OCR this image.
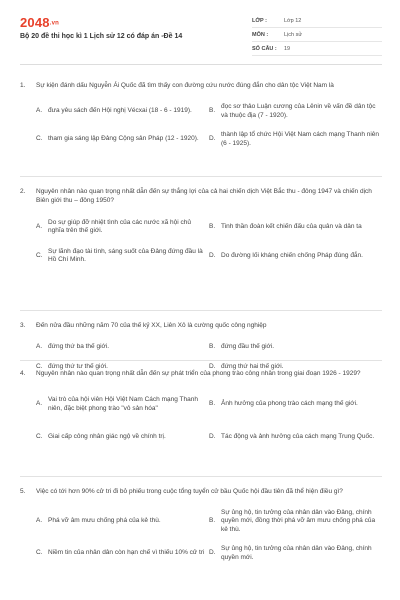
2048.vn
Bộ 20 đề thi học kì 1 Lịch sử 12 có đáp án -Đề 14
LỚP :	Lớp 12
MÔN :	Lịch sử
SỐ CÂU :	19
1.	Sự kiện đánh dấu Nguyễn Ái Quốc đã tìm thấy con đường cứu nước đúng đắn cho dân tộc Việt Nam là
A. đưa yêu sách đến Hội nghị Vécxai (18 - 6 - 1919).	B.
đọc sơ thảo Luận cương của Lênin về vấn đề dân tộc và thuộc địa (7 - 1920).
C. tham gia sáng lập Đảng Cộng sản Pháp (12 - 1920). D.
thành lập tổ chức Hội Việt Nam cách mạng Thanh niên (6 - 1925).
2.	Nguyên nhân nào quan trọng nhất dẫn đến sự thắng lợi của cả hai chiến dịch Việt Bắc thu - đông 1947 và chiến dịch Biên giới thu – đông 1950?
A.
Do sự giúp đỡ nhiệt tình của các nước xã hội chủ nghĩa trên thế giới.
B. Tinh thần đoàn kết chiến đấu của quân và dân ta
C.
Sự lãnh đạo tài tình, sáng suốt của Đảng đứng đầu là Hồ Chí Minh.
D. Do đường lối kháng chiến chống Pháp đúng đắn.
3.	Đến nửa đầu những năm 70 của thế kỷ XX, Liên Xô là cường quốc công nghiệp
A. đứng thứ ba thế giới.	B. đứng đầu thế giới.
C. đứng thứ tư thế giới.	D. đứng thứ hai thế giới.
4.	Nguyên nhân nào quan trọng nhất dẫn đến sự phát triển của phong trào công nhân trong giai đoạn 1926 - 1929?
A.
Vai trò của hội viên Hội Việt Nam Cách mạng Thanh niên, đặc biệt phong trào "vô sản hóa"
B. Ảnh hưởng của phong trào cách mạng thế giới.
C. Giai cấp công nhân giác ngộ về chính trị.	D. Tác động và ảnh hưởng của cách mạng Trung Quốc.
5.	Việc có tới hơn 90% cử tri đi bỏ phiếu trong cuộc tổng tuyển cử bầu Quốc hội đầu tiên đã thể hiện điều gì?
A. Phá vỡ âm mưu chống phá của kẻ thù.	B.
Sự ủng hộ, tin tưởng của nhân dân vào Đảng, chính quyền mới, đồng thời phá vỡ âm mưu chống phá của kẻ thù.
C. Niềm tin của nhân dân còn hạn chế vì thiếu 10% cử tri D.
Sự ủng hộ, tin tưởng của nhân dân vào Đảng, chính quyền mới.
